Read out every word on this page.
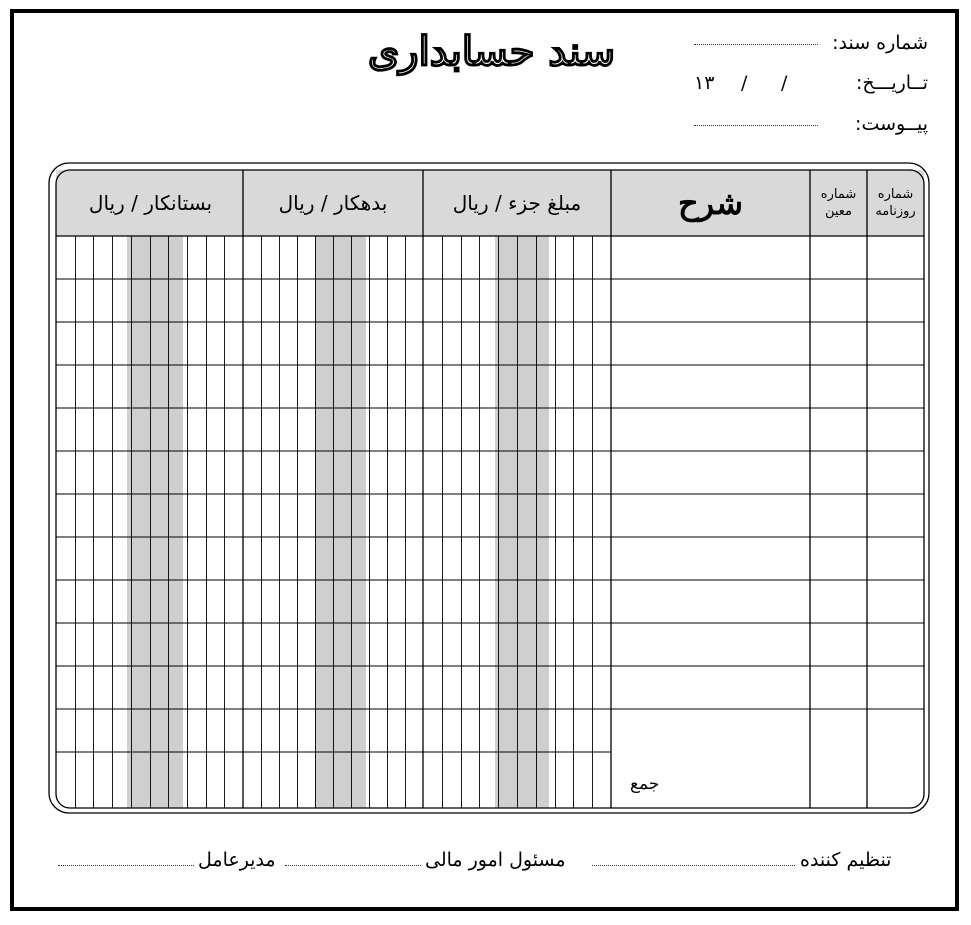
سند حسابداری	شماره سند:
تــاریـــخ:
/
/
۱۳
پیــوست:
شماره
روزنامه
شماره
معین
شرح
مبلغ جزء / ریال
بدهکار / ریال
بستانکار / ریال
جمع
تنظیم کننده
مسئول امور مالی
مدیرعامل
